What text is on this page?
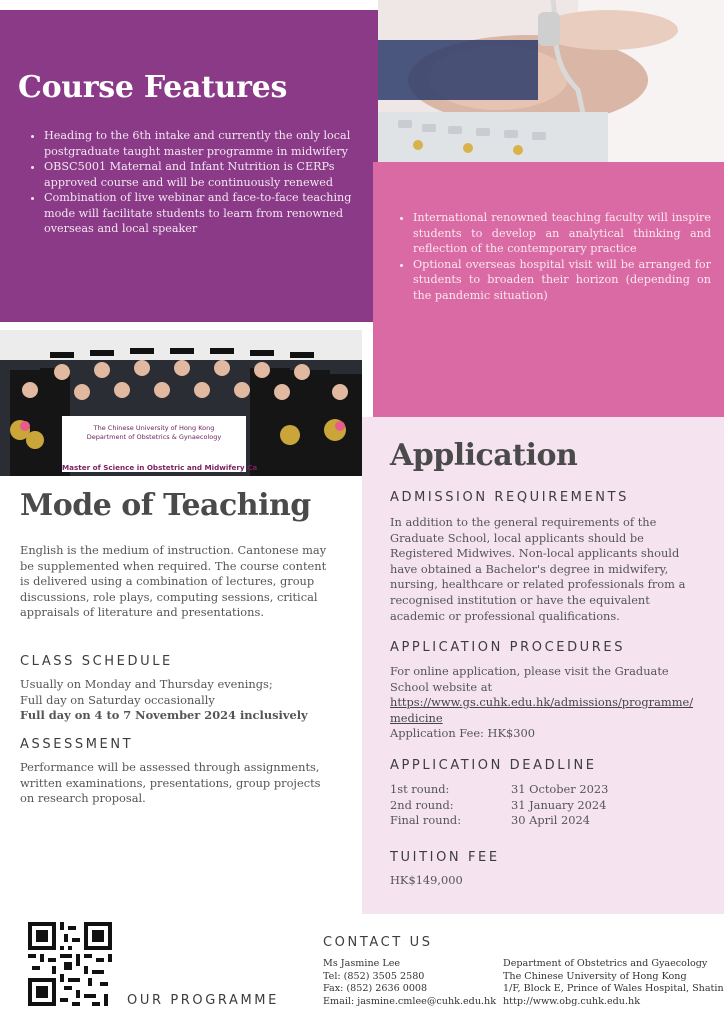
Course Features
• Heading to the 6th intake and currently the only local postgraduate taught master programme in midwifery
• OBSC5001 Maternal and Infant Nutrition is CERPs approved course and will be continuously renewed
• Combination of live webinar and face-to-face teaching mode will facilitate students to learn from renowned overseas and local speaker
• International renowned teaching faculty will inspire students to develop an analytical thinking and reflection of the contemporary practice
• Optional overseas hospital visit will be arranged for students to broaden their horizon (depending on the pandemic situation)
The Chinese University of Hong Kong
Department of Obstetrics & Gynaecology
Master of Science in Obstetric and Midwifery Ca
Mode of Teaching

English is the medium of instruction. Cantonese may be supplemented when required. The course content is delivered using a combination of lectures, group discussions, role plays, computing sessions, critical appraisals of literature and presentations.

CLASS SCHEDULE

Usually on Monday and Thursday evenings;

Full day on Saturday occasionally

Full day on 4 to 7 November 2024 inclusively

ASSESSMENT

Performance will be assessed through assignments, written examinations, presentations, group projects on research proposal.

Application
ADMISSION REQUIREMENTS

In addition to the general requirements of the Graduate School, local applicants should be Registered Midwives. Non-local applicants should have obtained a Bachelor's degree in midwifery, nursing, healthcare or related professionals from a recognised institution or have the equivalent academic or professional qualifications.

APPLICATION PROCEDURES

For online application, please visit the Graduate School website at

https://www.gs.cuhk.edu.hk/admissions/programme/medicine

Application Fee: HK$300

APPLICATION DEADLINE
1st round:	31 October 2023
2nd round:	31 January 2024
Final round:	30 April 2024
TUITION FEE

HK$149,000

OUR PROGRAMME
CONTACT US

Ms Jasmine Lee

Tel: (852) 3505 2580

Fax: (852) 2636 0008

Email: jasmine.cmlee@cuhk.edu.hk

Department of Obstetrics and Gyaecology

The Chinese University of Hong Kong

1/F, Block E, Prince of Wales Hospital, Shatin

http://www.obg.cuhk.edu.hk
